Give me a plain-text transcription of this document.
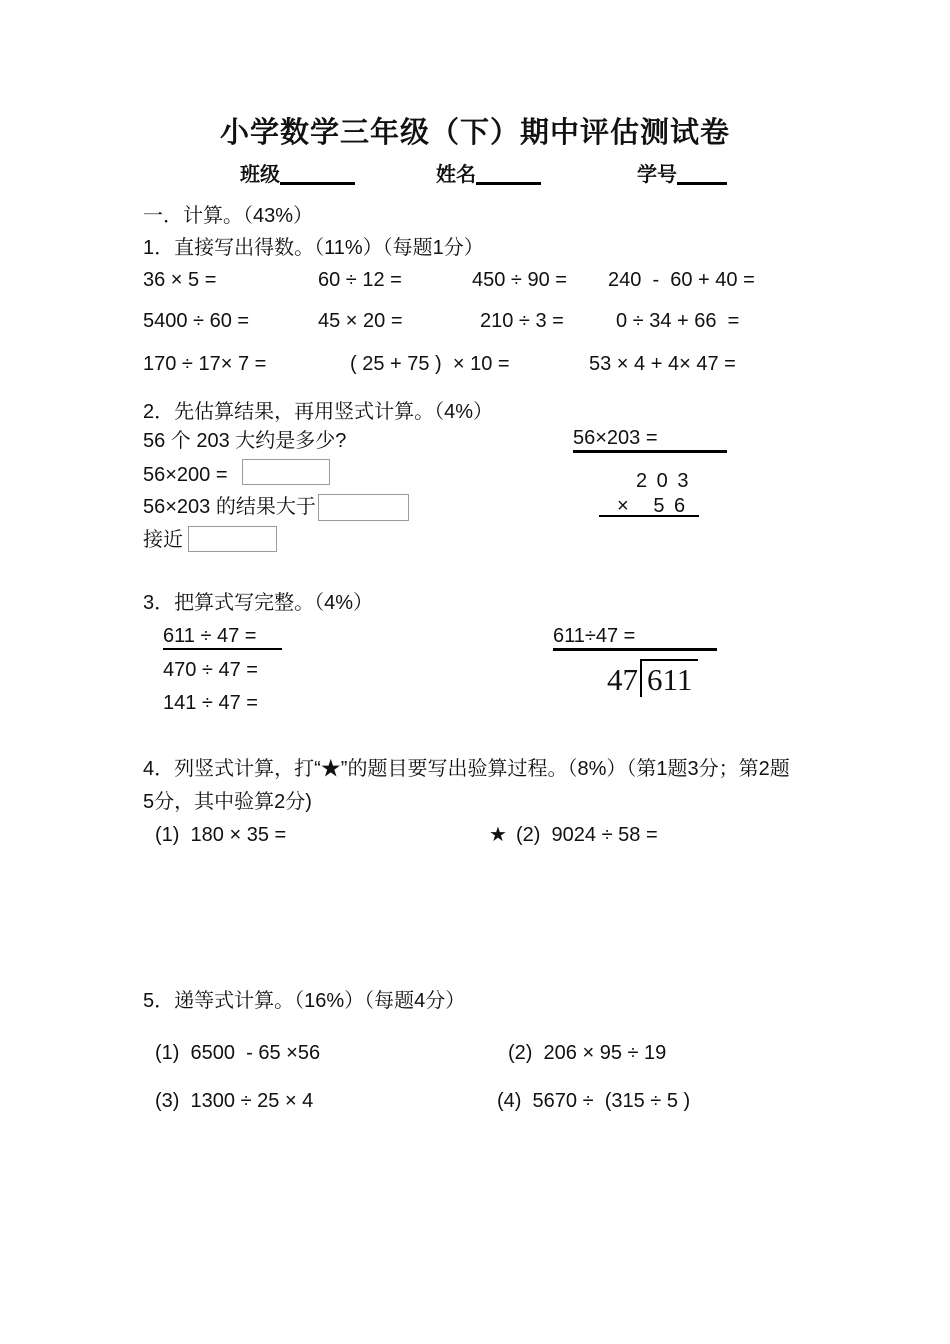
小学数学三年级（下）期中评估测试卷
班级	姓名	学号
一．计算。（43%）
1．直接写出得数。（11%）（每题1分）
36 × 5 =	60 ÷ 12 =	450 ÷ 90 = 240  -  60 + 40 =
5400 ÷ 60 =	45 × 20 =	210 ÷ 3 =	0 ÷ 34 + 66  =
170 ÷ 17× 7 =	( 25 + 75 )  × 10 =	53 × 4 + 4× 47 =
2．先估算结果，再用竖式计算。（4%）
56 个 203 大约是多少?	56×203 =
56×200 =
56×203 的结果大于
接近
2 0 3
×   5 6
3．把算式写完整。（4%）
611 ÷ 47 =	611÷47 =
470 ÷ 47 =
141 ÷ 47 =
47 611
4．列竖式计算，打“★”的题目要写出验算过程。（8%）（第1题3分；第2题
5分，其中验算2分)
(1)  180 × 35 =	★ (2)  9024 ÷ 58 =
5．递等式计算。（16%）（每题4分）
(1)  6500  - 65 ×56	(2)  206 × 95 ÷ 19
(3)  1300 ÷ 25 × 4	(4)  5670 ÷  (315 ÷ 5 )
